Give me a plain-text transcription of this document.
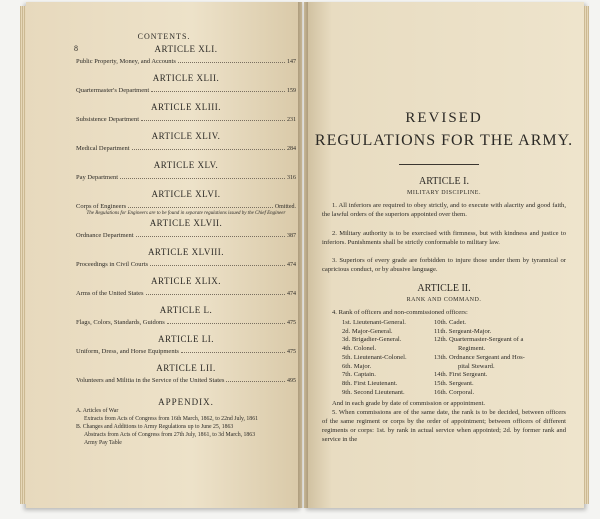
8
CONTENTS.
ARTICLE XLI.
Public Property, Money, and Accounts	147
ARTICLE XLII.
Quartermaster's Department	159
ARTICLE XLIII.
Subsistence Department	231
ARTICLE XLIV.
Medical Department	284
ARTICLE XLV.
Pay Department	316
ARTICLE XLVI.
Corps of Engineers	Omitted.
The Regulations for Engineers are to be found in separate regulations issued by the Chief Engineer
ARTICLE XLVII.
Ordnance Department	387
ARTICLE XLVIII.
Proceedings in Civil Courts	474
ARTICLE XLIX.
Arms of the United States	474
ARTICLE L.
Flags, Colors, Standards, Guidons	475
ARTICLE LI.
Uniform, Dress, and Horse Equipments	475
ARTICLE LII.
Volunteers and Militia in the Service of the United States	495
APPENDIX.
A. Articles of War
Extracts from Acts of Congress from 16th March, 1862, to 22nd July, 1861
B. Changes and Additions to Army Regulations up to June 25, 1863
Abstracts from Acts of Congress from 27th July, 1861, to 3d March, 1863
Army Pay Table
REVISED
REGULATIONS FOR THE ARMY.
ARTICLE I.
MILITARY DISCIPLINE.
1. All inferiors are required to obey strictly, and to execute with alacrity and good faith, the lawful orders of the superiors appointed over them.
2. Military authority is to be exercised with firmness, but with kindness and justice to inferiors. Punishments shall be strictly conformable to military law.
3. Superiors of every grade are forbidden to injure those under them by tyrannical or capricious conduct, or by abusive language.
ARTICLE II.
RANK AND COMMAND.
4. Rank of officers and non-commissioned officers:
1st. Lieutenant-General.	10th. Cadet.
2d. Major-General.	11th. Sergeant-Major.
3d. Brigadier-General.	12th. Quartermaster-Sergeant of a
4th. Colonel.	Regiment.
5th. Lieutenant-Colonel.	13th. Ordnance Sergeant and Hos-
6th. Major.	pital Steward.
7th. Captain.	14th. First Sergeant.
8th. First Lieutenant.	15th. Sergeant.
9th. Second Lieutenant.	16th. Corporal.
And in each grade by date of commission or appointment.
5. When commissions are of the same date, the rank is to be decided, between officers of the same regiment or corps by the order of appointment; between officers of different regiments or corps: 1st. by rank in actual service when appointed; 2d. by former rank and service in the
